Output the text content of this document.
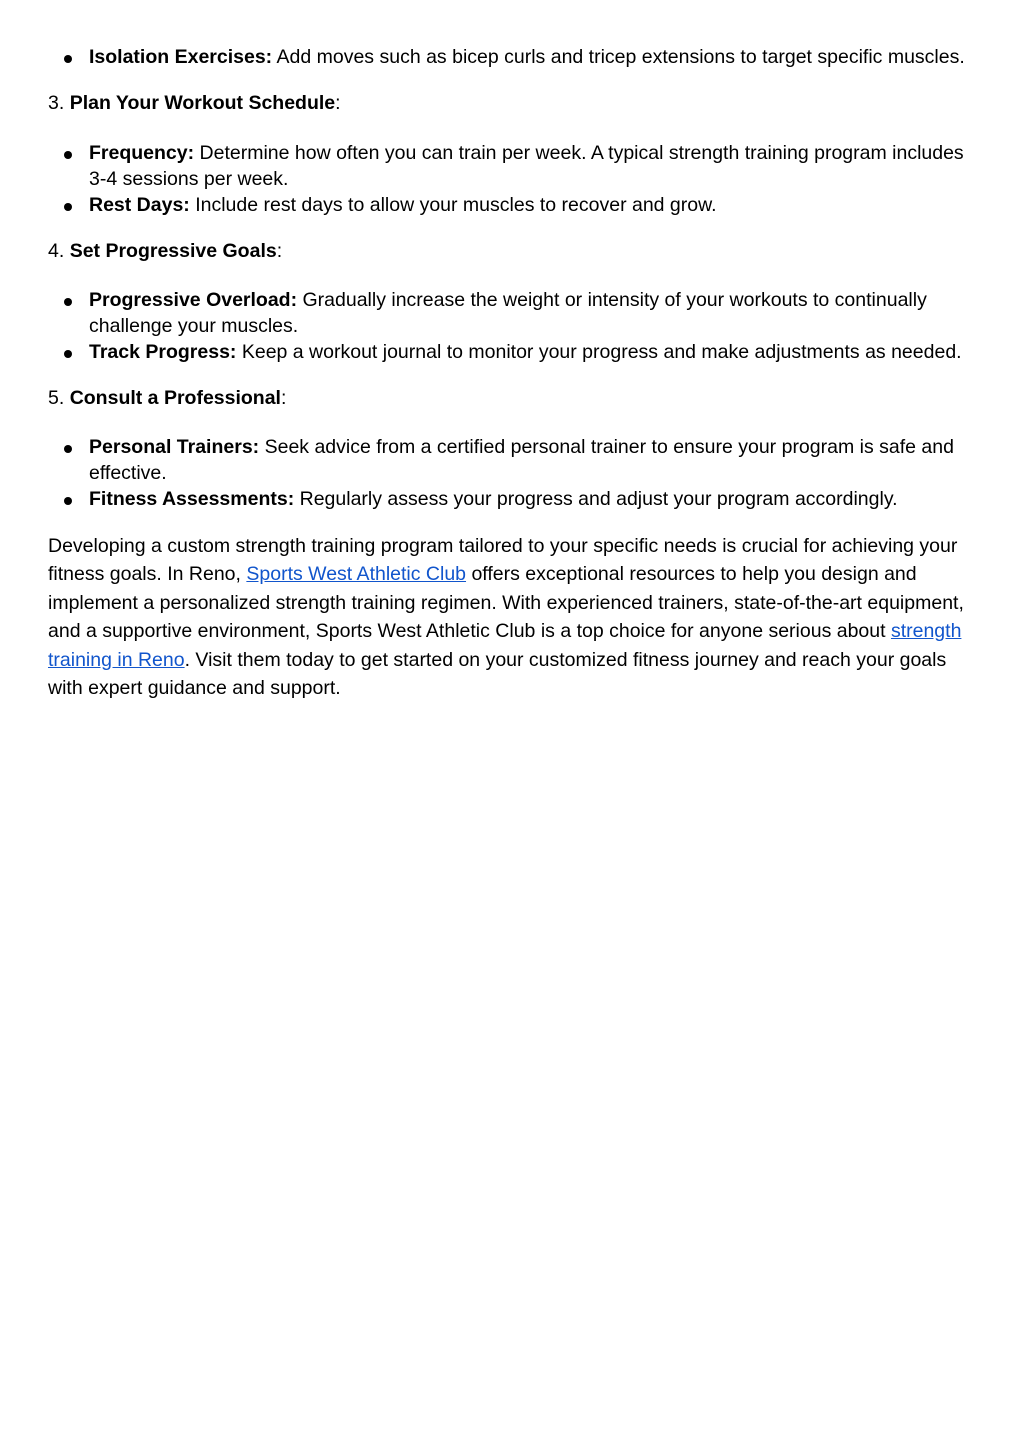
Isolation Exercises: Add moves such as bicep curls and tricep extensions to target specific muscles.

3. Plan Your Workout Schedule:

Frequency: Determine how often you can train per week. A typical strength training program includes 3-4 sessions per week.
Rest Days: Include rest days to allow your muscles to recover and grow.

4. Set Progressive Goals:

Progressive Overload: Gradually increase the weight or intensity of your workouts to continually challenge your muscles.
Track Progress: Keep a workout journal to monitor your progress and make adjustments as needed.

5. Consult a Professional:

Personal Trainers: Seek advice from a certified personal trainer to ensure your program is safe and effective.
Fitness Assessments: Regularly assess your progress and adjust your program accordingly.

Developing a custom strength training program tailored to your specific needs is crucial for achieving your fitness goals. In Reno, Sports West Athletic Club offers exceptional resources to help you design and implement a personalized strength training regimen. With experienced trainers, state-of-the-art equipment, and a supportive environment, Sports West Athletic Club is a top choice for anyone serious about strength training in Reno. Visit them today to get started on your customized fitness journey and reach your goals with expert guidance and support.
